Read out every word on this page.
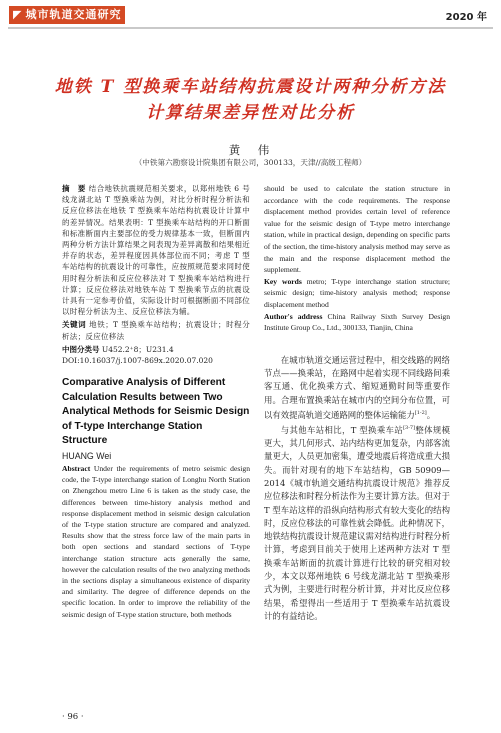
◤ 城市轨道交通研究	2020 年
地铁 T 型换乘车站结构抗震设计两种分析方法
计算结果差异性对比分析
黄　伟
（中铁第六勘察设计院集团有限公司，300133，天津//高级工程师）
摘　要 结合地铁抗震规范相关要求，以郑州地铁 6 号线龙湖北站 T 型换乘站为例，对比分析时程分析法和反应位移法在地铁 T 型换乘车站结构抗震设计计算中的差异情况。结果表明：T 型换乘车站结构的开口断面和标准断面内主要部位的受力规律基本一致，但断面内两种分析方法计算结果之间表现为差异离散和结果相近并存的状态，差异程度因具体部位而不同；考虑 T 型车站结构的抗震设计的可靠性，应按照规范要求同时使用时程分析法和反应位移法对 T 型换乘车站结构进行计算；反应位移法对地铁车站 T 型换乘节点的抗震设计具有一定参考价值，实际设计时可根据断面不同部位以时程分析法为主、反应位移法为辅。
关键词 地铁；T 型换乘车站结构；抗震设计；时程分析法；反应位移法
中图分类号 U452.2⁺8；U231.4
DOI:10.16037/j.1007-869x.2020.07.020
Comparative Analysis of Different Calculation Results between Two Analytical Methods for Seismic Design of T-type Interchange Station Structure
HUANG Wei
Abstract Under the requirements of metro seismic design code, the T-type interchange station of Longhu North Station on Zhengzhou metro Line 6 is taken as the study case, the differences between time-history analysis method and response displacement method in seismic design calculation of the T-type station structure are compared and analyzed. Results show that the stress force law of the main parts in both open sections and standard sections of T-type interchange station structure acts generally the same, however the calculation results of the two analyzing methods in the sections display a simultaneous existence of disparity and similarity. The degree of difference depends on the specific location. In order to improve the reliability of the seismic design of T-type station structure, both methods
should be used to calculate the station structure in accordance with the code requirements. The response displacement method provides certain level of reference value for the seismic design of T-type metro interchange station, while in practical design, depending on specific parts of the section, the time-history analysis method may serve as the main and the response displacement method the supplement.
Key words metro; T-type interchange station structure; seismic design; time-history analysis method; response displacement method
Author's address China Railway Sixth Survey Design Institute Group Co., Ltd., 300133, Tianjin, China

在城市轨道交通运营过程中，相交线路的网络节点——换乘站，在路网中起着实现不同线路间乘客互通、优化换乘方式、缩短通勤时间等重要作用。合理布置换乘站在城市内的空间分布位置，可以有效提高轨道交通路网的整体运输能力[1-2]。

与其他车站相比，T 型换乘车站[3-7]整体规模更大，其几何形式、站内结构更加复杂，内部客流量更大，人员更加密集，遭受地震后将造成重大损失。而针对现有的地下车站结构，GB 50909—2014《城市轨道交通结构抗震设计规范》推荐反应位移法和时程分析法作为主要计算方法。但对于 T 型车站这样的沿纵向结构形式有较大变化的结构时，反应位移法的可靠性就会降低。此种情况下，地铁结构抗震设计规范建议需对结构进行时程分析计算，考虑到目前关于使用上述两种方法对 T 型换乘车站断面的抗震计算进行比较的研究相对较少，本文以郑州地铁 6 号线龙湖北站 T 型换乘形式为例，主要进行时程分析计算，并对比反应位移结果，希望得出一些适用于 T 型换乘车站抗震设计的有益结论。

· 96 ·
